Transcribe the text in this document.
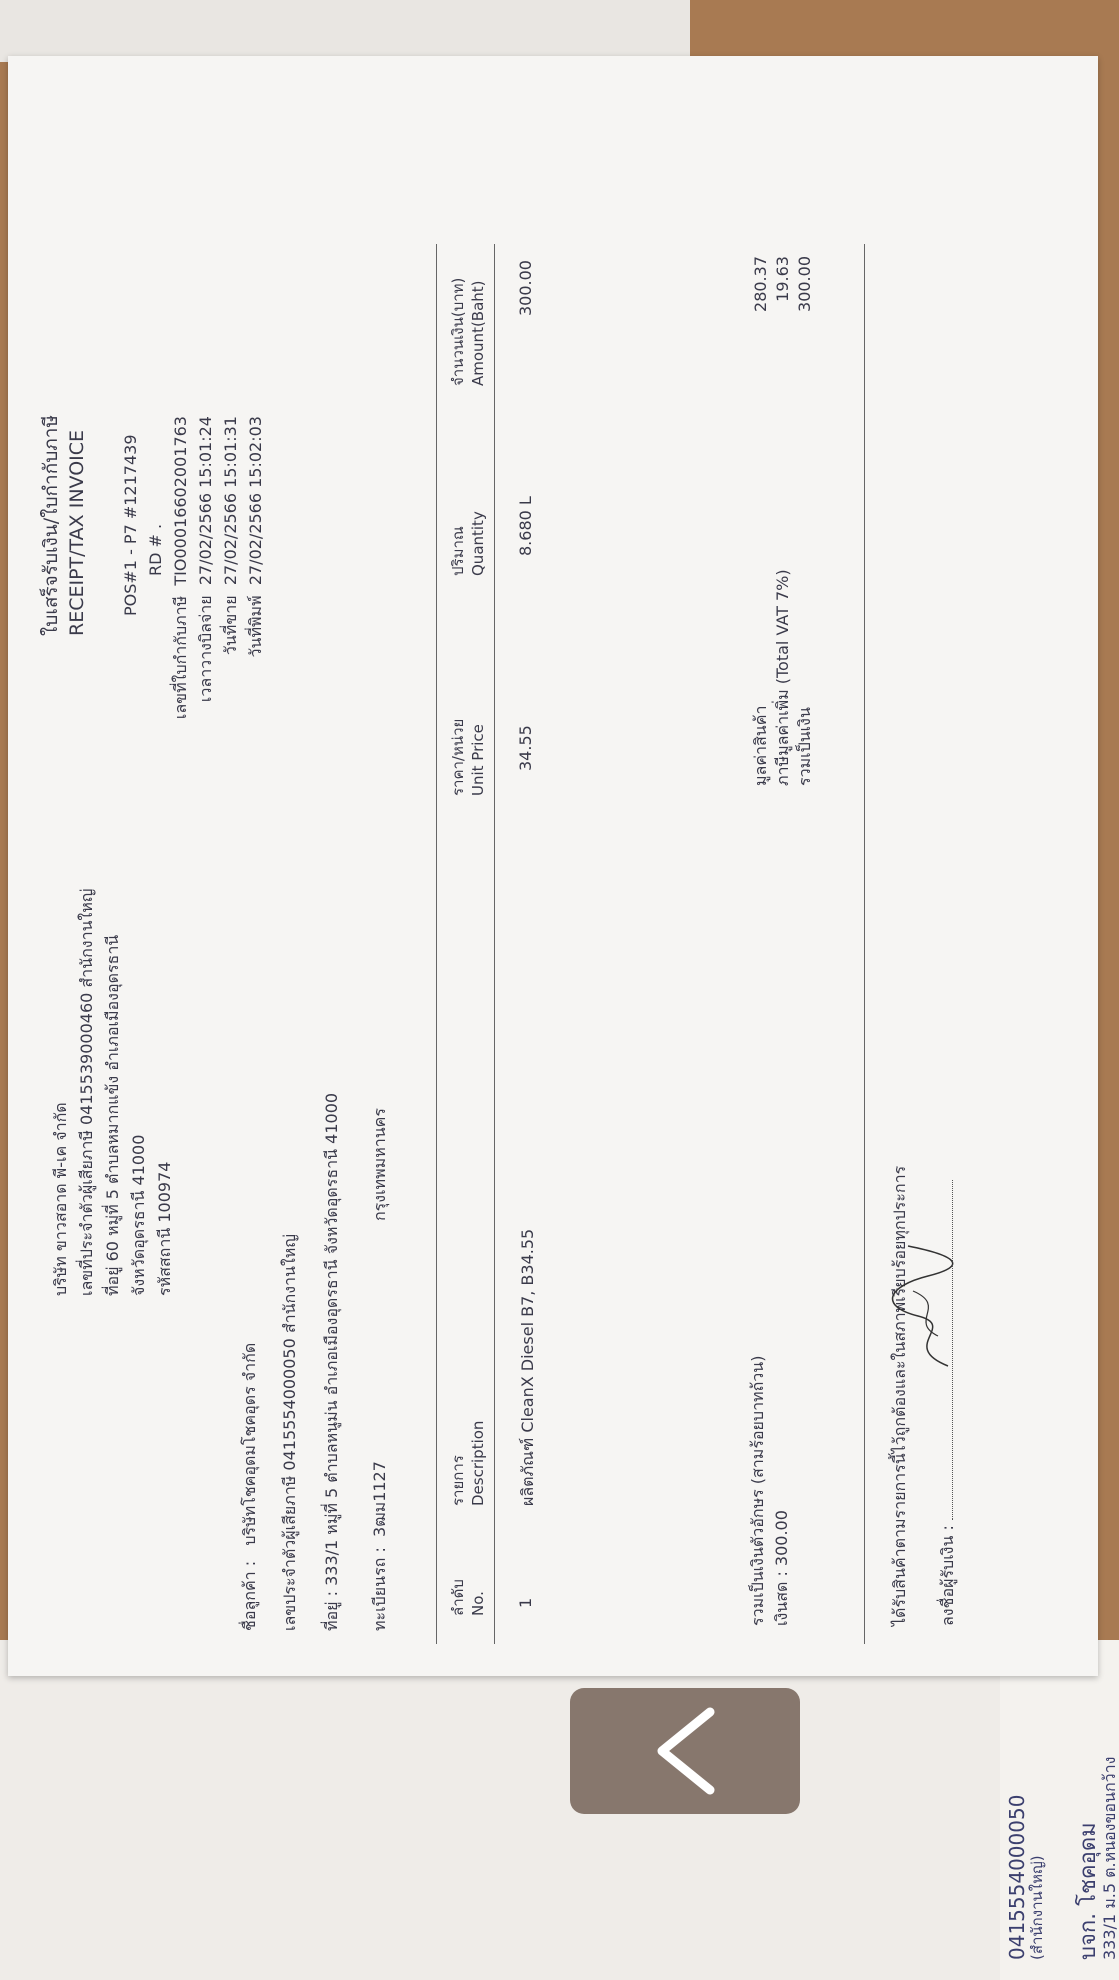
บจก. โชคอุดม 333/1 ม.5 ต.หนองขอนกว้าง
(สำนักงานใหญ่)
0415554000050
บริษัท ขาวสอาด พี-เค จำกัด เลขที่ประจำตัวผู้เสียภาษี 0415539000460 สำนักงานใหญ่ ที่อยู่ 60 หมู่ที่ 5 ตำบลหมากแข้ง อำเภอเมืองอุดรธานี จังหวัดอุดรธานี 41000 รหัสสถานี 100974
ใบเสร็จรับเงิน/ใบกำกับภาษี RECEIPT/TAX INVOICE POS#1 - P7 #1217439 RD # .
เลขที่ใบกำกับภาษี  TIO000166020017​63
เวลาวางบิลจ่าย  27/02/2566 15:01:24
วันที่ขาย  27/02/2566 15:01:31
วันที่พิมพ์  27/02/2566 15:02:03
ชื่อลูกค้า :   บริษัทโชคอุดมโชคอุดร จำกัด เลขประจำตัวผู้เสียภาษี 0415554000050 สำนักงานใหญ่ ที่อยู่ : 333/1 หมู่ที่ 5 ตำบลหนูม่น อำเภอเมืองอุดรธานี จังหวัดอุดรธานี 41000 ทะเบียนรถ :  3ฒม1127
กรุงเทพมหานคร
ลำดับ No.
รายการ Description
ราคา/หน่วย Unit Price
ปริมาณ Quantity
จำนวนเงิน(บาท) Amount(Baht)
1
ผลิตภัณฑ์ CleanX Diesel B7, B34.55
34.55
8.680 L
300.00
รวมเป็นเงินตัวอักษร (สามร้อยบาทถ้วน) เงินสด : 300.00
มูลค่าสินค้า ภาษีมูลค่าเพิ่ม (Total VAT 7%) รวมเป็นเงิน
280.37 19.63 300.00
ได้รับสินค้าตามรายการนี้ไว้ถูกต้องและในสภาพเรียบร้อยทุกประการ ลงชื่อผู้รับเงิน :
